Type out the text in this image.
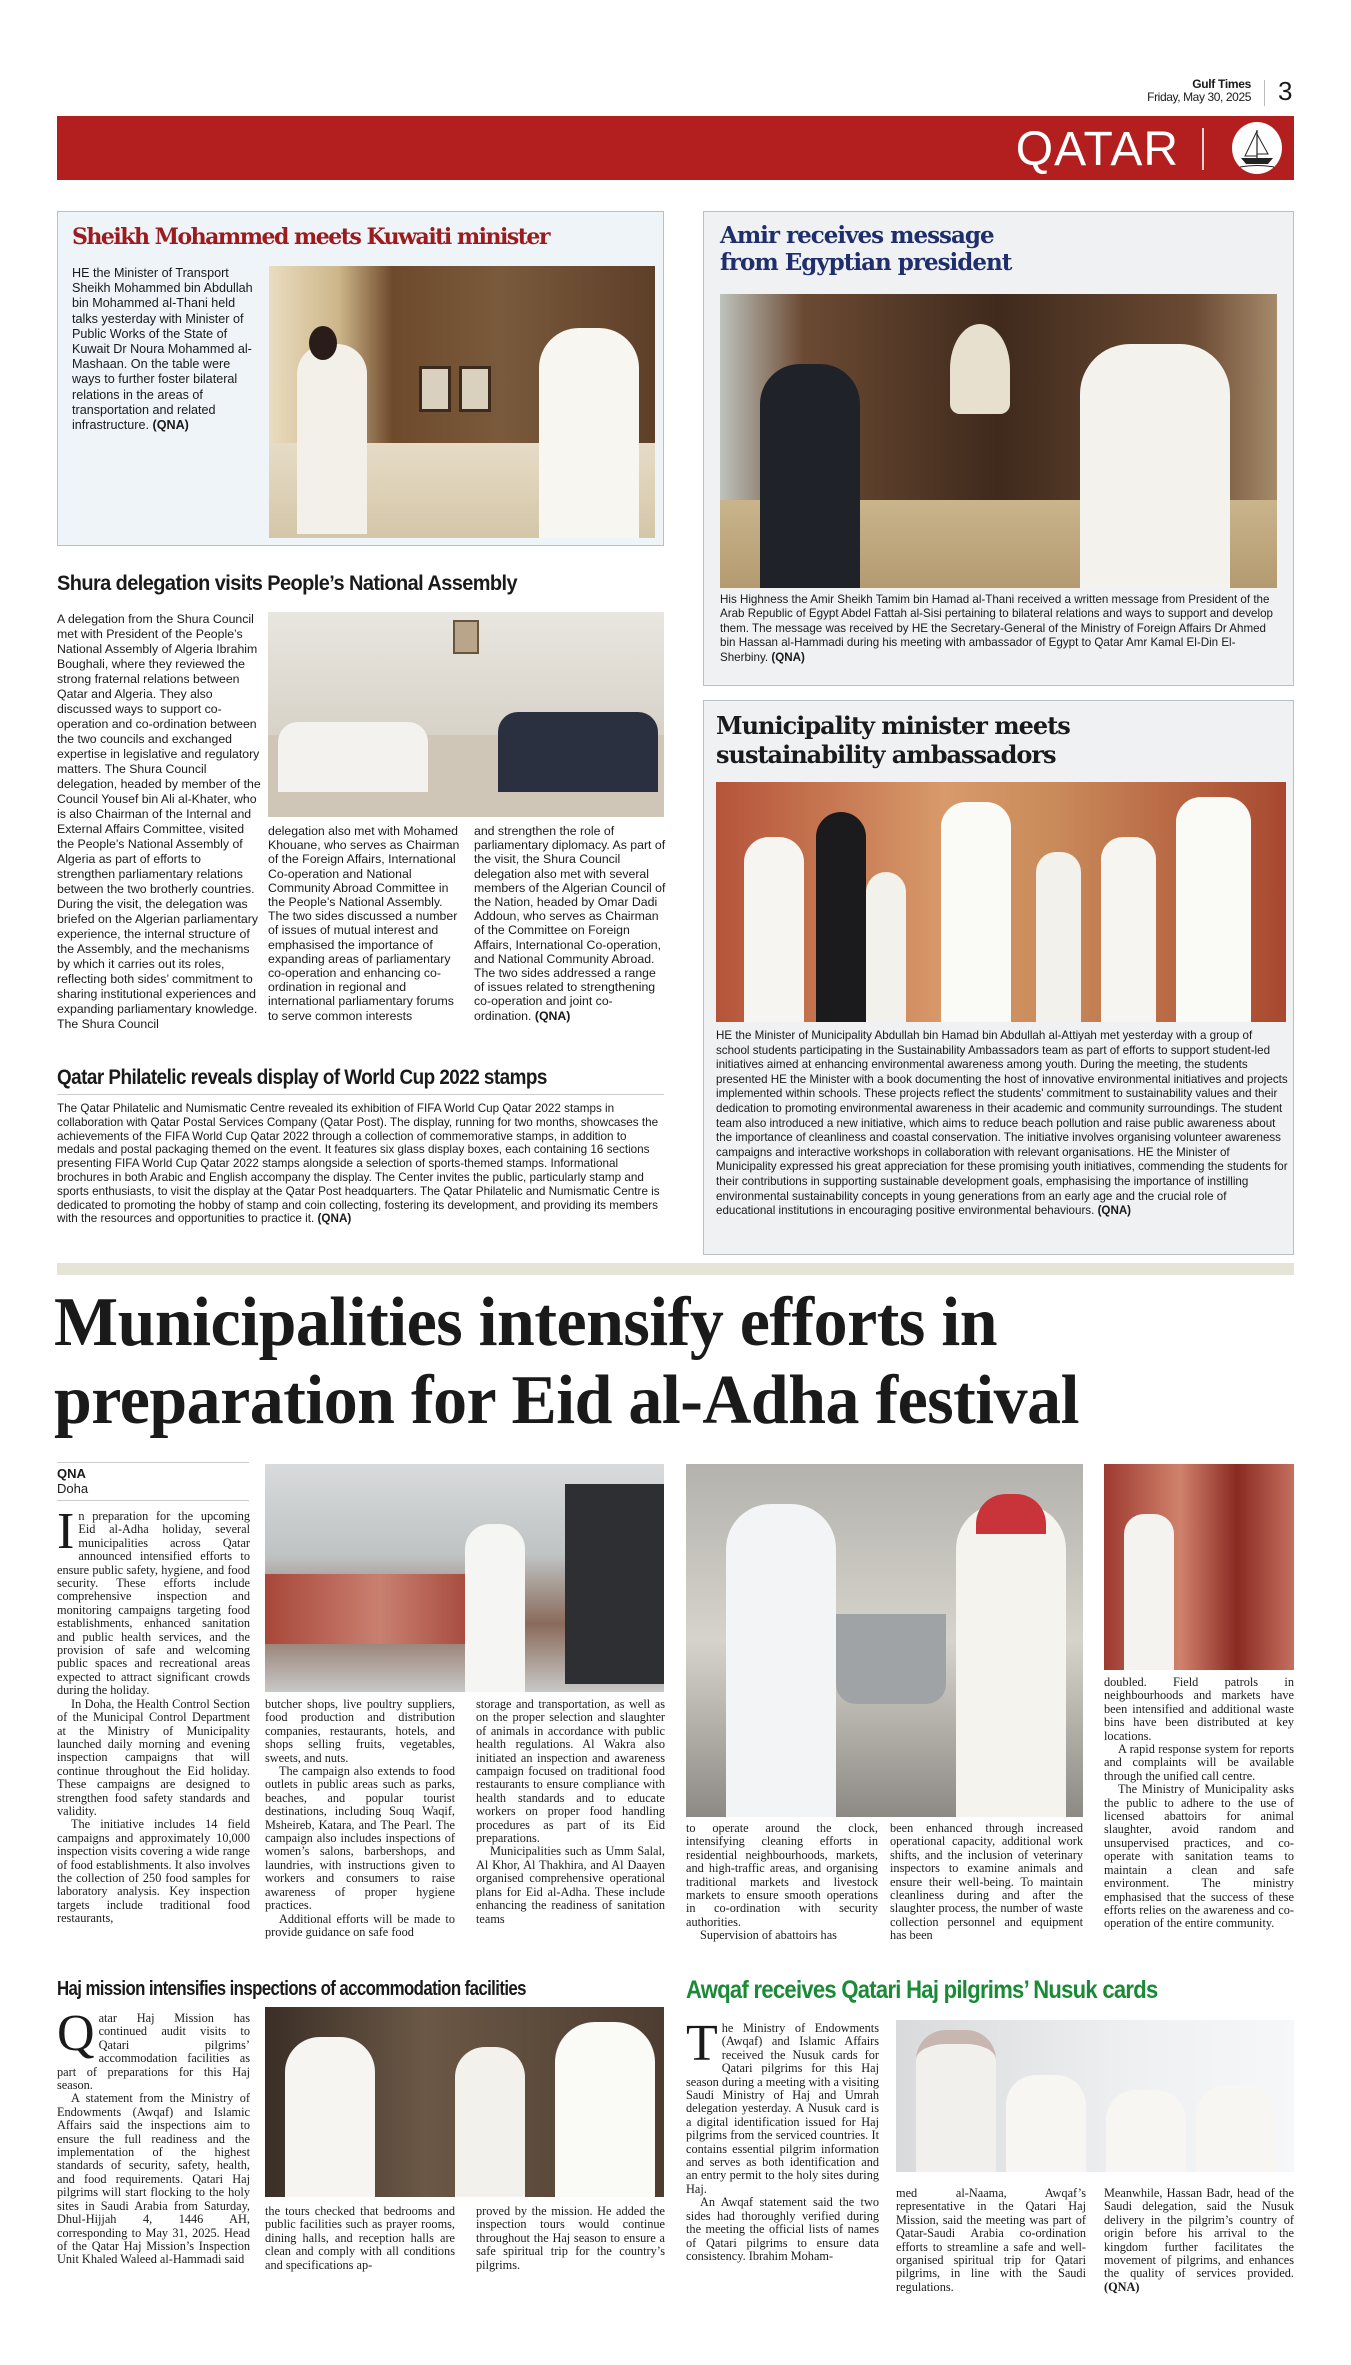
Gulf Times
Friday, May 30, 2025 3
QATAR
Sheikh Mohammed meets Kuwaiti minister
HE the Minister of Transport Sheikh Mohammed bin Abdullah bin Mohammed al-Thani held talks yesterday with Minister of Public Works of the State of Kuwait Dr Noura Mohammed al-Mashaan. On the table were ways to further foster bilateral relations in the areas of transportation and related infrastructure. (QNA)
Amir receives message
from Egyptian president
His Highness the Amir Sheikh Tamim bin Hamad al-Thani received a written message from President of the Arab Republic of Egypt Abdel Fattah al-Sisi pertaining to bilateral relations and ways to support and develop them. The message was received by HE the Secretary-General of the Ministry of Foreign Affairs Dr Ahmed bin Hassan al-Hammadi during his meeting with ambassador of Egypt to Qatar Amr Kamal El-Din El-Sherbiny. (QNA)
Shura delegation visits People’s National Assembly
A delegation from the Shura Council met with President of the People’s National Assembly of Algeria Ibrahim Boughali, where they reviewed the strong fraternal relations between Qatar and Algeria. They also discussed ways to support co-operation and co-ordination between the two councils and exchanged expertise in legislative and regulatory matters. The Shura Council delegation, headed by member of the Council Yousef bin Ali al-Khater, who is also Chairman of the Internal and External Affairs Committee, visited the People’s National Assembly of Algeria as part of efforts to strengthen parliamentary relations between the two brotherly countries. During the visit, the delegation was briefed on the Algerian parliamentary experience, the internal structure of the Assembly, and the mechanisms by which it carries out its roles, reflecting both sides’ commitment to sharing institutional experiences and expanding parliamentary knowledge. The Shura Council
delegation also met with Mohamed Khouane, who serves as Chairman of the Foreign Affairs, International Co-operation and National Community Abroad Committee in the People’s National Assembly. The two sides discussed a number of issues of mutual interest and emphasised the importance of expanding areas of parliamentary co-operation and enhancing co-ordination in regional and international parliamentary forums to serve common interests
and strengthen the role of parliamentary diplomacy. As part of the visit, the Shura Council delegation also met with several members of the Algerian Council of the Nation, headed by Omar Dadi Addoun, who serves as Chairman of the Committee on Foreign Affairs, International Co-operation, and National Community Abroad. The two sides addressed a range of issues related to strengthening co-operation and joint co-ordination. (QNA)
Qatar Philatelic reveals display of World Cup 2022 stamps
The Qatar Philatelic and Numismatic Centre revealed its exhibition of FIFA World Cup Qatar 2022 stamps in collaboration with Qatar Postal Services Company (Qatar Post). The display, running for two months, showcases the achievements of the FIFA World Cup Qatar 2022 through a collection of commemorative stamps, in addition to medals and postal packaging themed on the event. It features six glass display boxes, each containing 16 sections presenting FIFA World Cup Qatar 2022 stamps alongside a selection of sports-themed stamps. Informational brochures in both Arabic and English accompany the display. The Center invites the public, particularly stamp and sports enthusiasts, to visit the display at the Qatar Post headquarters. The Qatar Philatelic and Numismatic Centre is dedicated to promoting the hobby of stamp and coin collecting, fostering its development, and providing its members with the resources and opportunities to practice it. (QNA)
Municipality minister meets
sustainability ambassadors
HE the Minister of Municipality Abdullah bin Hamad bin Abdullah al-Attiyah met yesterday with a group of school students participating in the Sustainability Ambassadors team as part of efforts to support student-led initiatives aimed at enhancing environmental awareness among youth. During the meeting, the students presented HE the Minister with a book documenting the host of innovative environmental initiatives and projects implemented within schools. These projects reflect the students' commitment to sustainability values and their dedication to promoting environmental awareness in their academic and community surroundings. The student team also introduced a new initiative, which aims to reduce beach pollution and raise public awareness about the importance of cleanliness and coastal conservation. The initiative involves organising volunteer awareness campaigns and interactive workshops in collaboration with relevant organisations. HE the Minister of Municipality expressed his great appreciation for these promising youth initiatives, commending the students for their contributions in supporting sustainable development goals, emphasising the importance of instilling environmental sustainability concepts in young generations from an early age and the crucial role of educational institutions in encouraging positive environmental behaviours. (QNA)
Municipalities intensify efforts in
preparation for Eid al-Adha festival
QNA
Doha

In preparation for the upcoming Eid al-Adha holiday, several municipalities across Qatar announced intensified efforts to ensure public safety, hygiene, and food security. These efforts include comprehensive inspection and monitoring campaigns targeting food establishments, enhanced sanitation and public health services, and the provision of safe and welcoming public spaces and recreational areas expected to attract significant crowds during the holiday.

In Doha, the Health Control Section of the Municipal Control Department at the Ministry of Municipality launched daily morning and evening inspection campaigns that will continue throughout the Eid holiday. These campaigns are designed to strengthen food safety standards and validity.

The initiative includes 14 field campaigns and approximately 10,000 inspection visits covering a wide range of food establishments. It also involves the collection of 250 food samples for laboratory analysis. Key inspection targets include traditional food restaurants,

butcher shops, live poultry suppliers, food production and distribution companies, restaurants, hotels, and shops selling fruits, vegetables, sweets, and nuts.

The campaign also extends to food outlets in public areas such as parks, beaches, and popular tourist destinations, including Souq Waqif, Msheireb, Katara, and The Pearl. The campaign also includes inspections of women’s salons, barbershops, and laundries, with instructions given to workers and consumers to raise awareness of proper hygiene practices.

Additional efforts will be made to provide guidance on safe food

storage and transportation, as well as on the proper selection and slaughter of animals in accordance with public health regulations. Al Wakra also initiated an inspection and awareness campaign focused on traditional food restaurants to ensure compliance with health standards and to educate workers on proper food handling procedures as part of its Eid preparations.

Municipalities such as Umm Salal, Al Khor, Al Thakhira, and Al Daayen organised comprehensive operational plans for Eid al-Adha. These include enhancing the readiness of sanitation teams

to operate around the clock, intensifying cleaning efforts in residential neighbourhoods, markets, and high-traffic areas, and organising traditional markets and livestock markets to ensure smooth operations in co-ordination with security authorities.

Supervision of abattoirs has

been enhanced through increased operational capacity, additional work shifts, and the inclusion of veterinary inspectors to examine animals and ensure their well-being. To maintain cleanliness during and after the slaughter process, the number of waste collection personnel and equipment has been

doubled. Field patrols in neighbourhoods and markets have been intensified and additional waste bins have been distributed at key locations.

A rapid response system for reports and complaints will be available through the unified call centre.

The Ministry of Municipality asks the public to adhere to the use of licensed abattoirs for animal slaughter, avoid random and unsupervised practices, and co-operate with sanitation teams to maintain a clean and safe environment. The ministry emphasised that the success of these efforts relies on the awareness and co-operation of the entire community.

Haj mission intensifies inspections of accommodation facilities

Qatar Haj Mission has continued audit visits to Qatari pilgrims’ accommodation facilities as part of preparations for this Haj season.

A statement from the Ministry of Endowments (Awqaf) and Islamic Affairs said the inspections aim to ensure the full readiness and the implementation of the highest standards of security, safety, health, and food requirements. Qatari Haj pilgrims will start flocking to the holy sites in Saudi Arabia from Saturday, Dhul-Hijjah 4, 1446 AH, corresponding to May 31, 2025. Head of the Qatar Haj Mission’s Inspection Unit Khaled Waleed al-Hammadi said

the tours checked that bedrooms and public facilities such as prayer rooms, dining halls, and reception halls are clean and comply with all conditions and specifications ap-

proved by the mission. He added the inspection tours would continue throughout the Haj season to ensure a safe spiritual trip for the country’s pilgrims.

Awqaf receives Qatari Haj pilgrims’ Nusuk cards

The Ministry of Endowments (Awqaf) and Islamic Affairs received the Nusuk cards for Qatari pilgrims for this Haj season during a meeting with a visiting Saudi Ministry of Haj and Umrah delegation yesterday. A Nusuk card is a digital identification issued for Haj pilgrims from the serviced countries. It contains essential pilgrim information and serves as both identification and an entry permit to the holy sites during Haj.

An Awqaf statement said the two sides had thoroughly verified during the meeting the official lists of names of Qatari pilgrims to ensure data consistency. Ibrahim Moham-

med al-Naama, Awqaf’s representative in the Qatari Haj Mission, said the meeting was part of Qatar-Saudi Arabia co-ordination efforts to streamline a safe and well-organised spiritual trip for Qatari pilgrims, in line with the Saudi regulations.

Meanwhile, Hassan Badr, head of the Saudi delegation, said the Nusuk delivery in the pilgrim’s country of origin before his arrival to the kingdom further facilitates the movement of pilgrims, and enhances the quality of services provided. (QNA)
